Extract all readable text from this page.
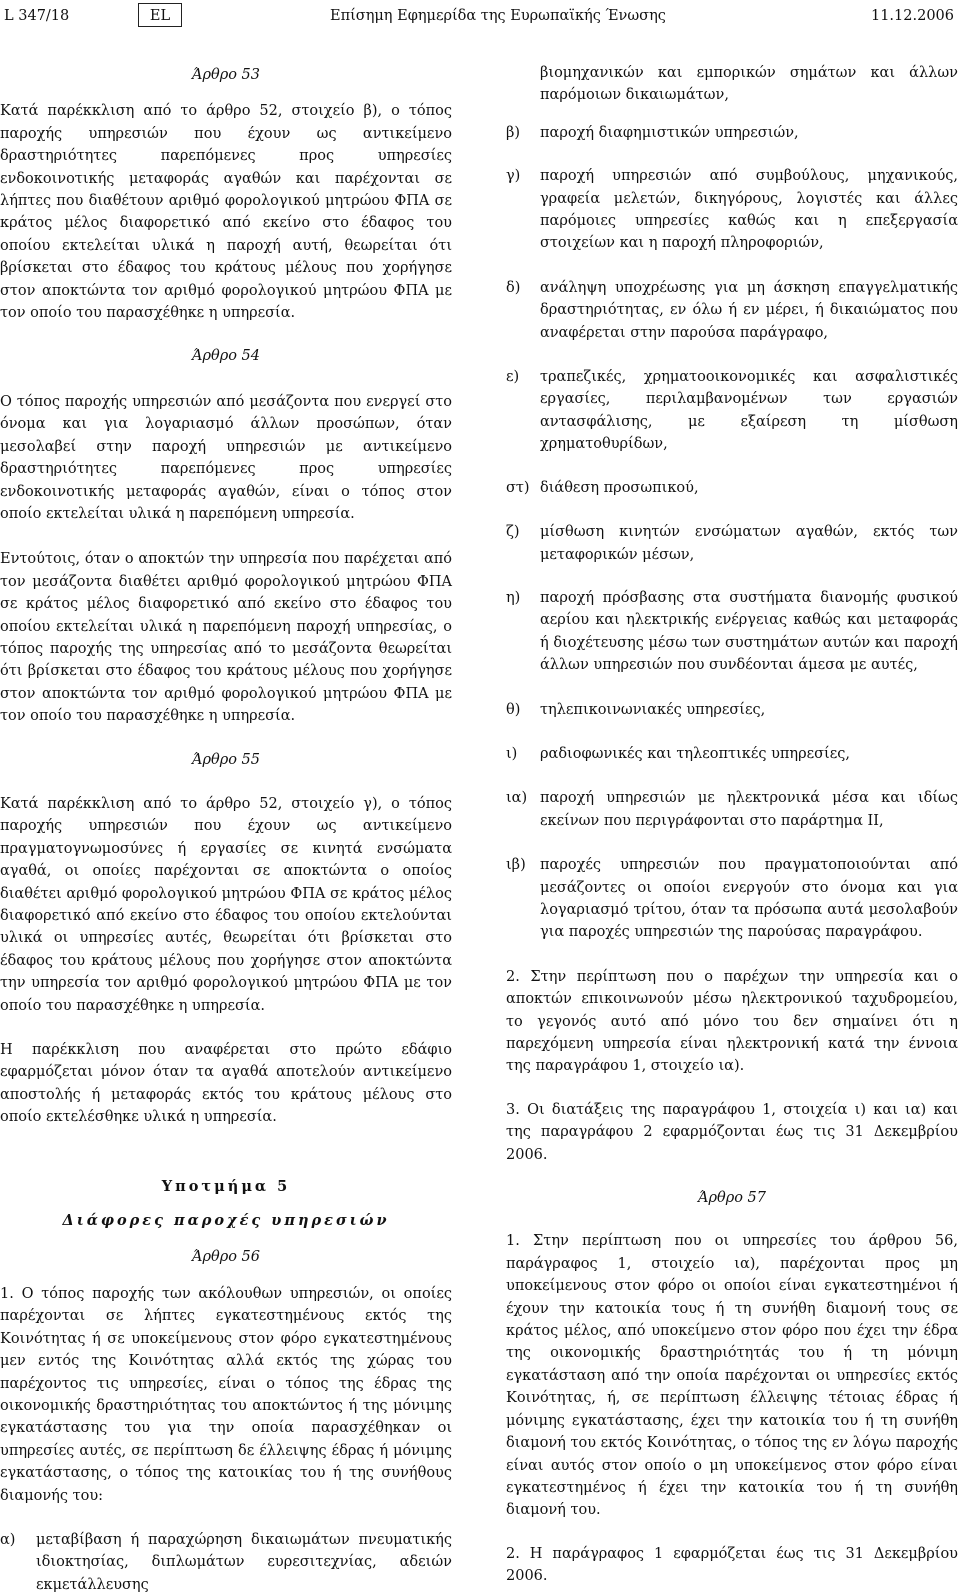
L 347/18	EL	Επίσημη Εφημερίδα της Ευρωπαϊκής Ένωσης	11.12.2006

Άρθρο 53

Κατά παρέκκλιση από το άρθρο 52, στοιχείο β), ο τόπος παροχής υπηρεσιών που έχουν ως αντικείμενο δραστηριότητες παρεπόμενες προς υπηρεσίες ενδοκοινοτικής μεταφοράς αγαθών και παρέχονται σε λήπτες που διαθέτουν αριθμό φορολογικού μητρώου ΦΠΑ σε κράτος μέλος διαφορετικό από εκείνο στο έδαφος του οποίου εκτελείται υλικά η παροχή αυτή, θεωρείται ότι βρίσκεται στο έδαφος του κράτους μέλους που χορήγησε στον αποκτώντα τον αριθμό φορολογικού μητρώου ΦΠΑ με τον οποίο του παρασχέθηκε η υπηρεσία.

Άρθρο 54

Ο τόπος παροχής υπηρεσιών από μεσάζοντα που ενεργεί στο όνομα και για λογαριασμό άλλων προσώπων, όταν μεσολαβεί στην παροχή υπηρεσιών με αντικείμενο δραστηριότητες παρεπόμενες προς υπηρεσίες ενδοκοινοτικής μεταφοράς αγαθών, είναι ο τόπος στον οποίο εκτελείται υλικά η παρεπόμενη υπηρεσία.

Εντούτοις, όταν ο αποκτών την υπηρεσία που παρέχεται από τον μεσάζοντα διαθέτει αριθμό φορολογικού μητρώου ΦΠΑ σε κράτος μέλος διαφορετικό από εκείνο στο έδαφος του οποίου εκτελείται υλικά η παρεπόμενη παροχή υπηρεσίας, ο τόπος παροχής της υπηρεσίας από το μεσάζοντα θεωρείται ότι βρίσκεται στο έδαφος του κράτους μέλους που χορήγησε στον αποκτώντα τον αριθμό φορολογικού μητρώου ΦΠΑ με τον οποίο του παρασχέθηκε η υπηρεσία.

Άρθρο 55

Κατά παρέκκλιση από το άρθρο 52, στοιχείο γ), ο τόπος παροχής υπηρεσιών που έχουν ως αντικείμενο πραγματογνωμοσύνες ή εργασίες σε κινητά ενσώματα αγαθά, οι οποίες παρέχονται σε αποκτώντα ο οποίος διαθέτει αριθμό φορολογικού μητρώου ΦΠΑ σε κράτος μέλος διαφορετικό από εκείνο στο έδαφος του οποίου εκτελούνται υλικά οι υπηρεσίες αυτές, θεωρείται ότι βρίσκεται στο έδαφος του κράτους μέλους που χορήγησε στον αποκτώντα την υπηρεσία τον αριθμό φορολογικού μητρώου ΦΠΑ με τον οποίο του παρασχέθηκε η υπηρεσία.

Η παρέκκλιση που αναφέρεται στο πρώτο εδάφιο εφαρμόζεται μόνον όταν τα αγαθά αποτελούν αντικείμενο αποστολής ή μεταφοράς εκτός του κράτους μέλους στο οποίο εκτελέσθηκε υλικά η υπηρεσία.

Υποτμήμα 5

Διάφορες παροχές υπηρεσιών

Άρθρο 56

1. Ο τόπος παροχής των ακόλουθων υπηρεσιών, οι οποίες παρέχονται σε λήπτες εγκατεστημένους εκτός της Κοινότητας ή σε υποκείμενους στον φόρο εγκατεστημένους μεν εντός της Κοινότητας αλλά εκτός της χώρας του παρέχοντος τις υπηρεσίες, είναι ο τόπος της έδρας της οικονομικής δραστηριότητας του αποκτώντος ή της μόνιμης εγκατάστασης του για την οποία παρασχέθηκαν οι υπηρεσίες αυτές, σε περίπτωση δε έλλειψης έδρας ή μόνιμης εγκατάστασης, ο τόπος της κατοικίας του ή της συνήθους διαμονής του:

α)	μεταβίβαση ή παραχώρηση δικαιωμάτων πνευματικής ιδιοκτησίας, διπλωμάτων ευρεσιτεχνίας, αδειών εκμετάλλευσης
βιομηχανικών και εμπορικών σημάτων και άλλων παρόμοιων δικαιωμάτων,
β)	παροχή διαφημιστικών υπηρεσιών,
γ)	παροχή υπηρεσιών από συμβούλους, μηχανικούς, γραφεία μελετών, δικηγόρους, λογιστές και άλλες παρόμοιες υπηρεσίες καθώς και η επεξεργασία στοιχείων και η παροχή πληροφοριών,
δ)	ανάληψη υποχρέωσης για μη άσκηση επαγγελματικής δραστηριότητας, εν όλω ή εν μέρει, ή δικαιώματος που αναφέρεται στην παρούσα παράγραφο,
ε)	τραπεζικές, χρηματοοικονομικές και ασφαλιστικές εργασίες, περιλαμβανομένων των εργασιών αντασφάλισης, με εξαίρεση τη μίσθωση χρηματοθυρίδων,
στ) διάθεση προσωπικού,
ζ)	μίσθωση κινητών ενσώματων αγαθών, εκτός των μεταφορικών μέσων,
η)	παροχή πρόσβασης στα συστήματα διανομής φυσικού αερίου και ηλεκτρικής ενέργειας καθώς και μεταφοράς ή διοχέτευσης μέσω των συστημάτων αυτών και παροχή άλλων υπηρεσιών που συνδέονται άμεσα με αυτές,
θ)	τηλεπικοινωνιακές υπηρεσίες,
ι)	ραδιοφωνικές και τηλεοπτικές υπηρεσίες,
ια) παροχή υπηρεσιών με ηλεκτρονικά μέσα και ιδίως εκείνων που περιγράφονται στο παράρτημα II,
ιβ) παροχές υπηρεσιών που πραγματοποιούνται από μεσάζοντες οι οποίοι ενεργούν στο όνομα και για λογαριασμό τρίτου, όταν τα πρόσωπα αυτά μεσολαβούν για παροχές υπηρεσιών της παρούσας παραγράφου.

2. Στην περίπτωση που ο παρέχων την υπηρεσία και ο αποκτών επικοινωνούν μέσω ηλεκτρονικού ταχυδρομείου, το γεγονός αυτό από μόνο του δεν σημαίνει ότι η παρεχόμενη υπηρεσία είναι ηλεκτρονική κατά την έννοια της παραγράφου 1, στοιχείο ια).

3. Οι διατάξεις της παραγράφου 1, στοιχεία ι) και ια) και της παραγράφου 2 εφαρμόζονται έως τις 31 Δεκεμβρίου 2006.

Άρθρο 57

1. Στην περίπτωση που οι υπηρεσίες του άρθρου 56, παράγραφος 1, στοιχείο ια), παρέχονται προς μη υποκείμενους στον φόρο οι οποίοι είναι εγκατεστημένοι ή έχουν την κατοικία τους ή τη συνήθη διαμονή τους σε κράτος μέλος, από υποκείμενο στον φόρο που έχει την έδρα της οικονομικής δραστηριότητάς του ή τη μόνιμη εγκατάσταση από την οποία παρέχονται οι υπηρεσίες εκτός Κοινότητας, ή, σε περίπτωση έλλειψης τέτοιας έδρας ή μόνιμης εγκατάστασης, έχει την κατοικία του ή τη συνήθη διαμονή του εκτός Κοινότητας, ο τόπος της εν λόγω παροχής είναι αυτός στον οποίο ο μη υποκείμενος στον φόρο είναι εγκατεστημένος ή έχει την κατοικία του ή τη συνήθη διαμονή του.

2. Η παράγραφος 1 εφαρμόζεται έως τις 31 Δεκεμβρίου 2006.
